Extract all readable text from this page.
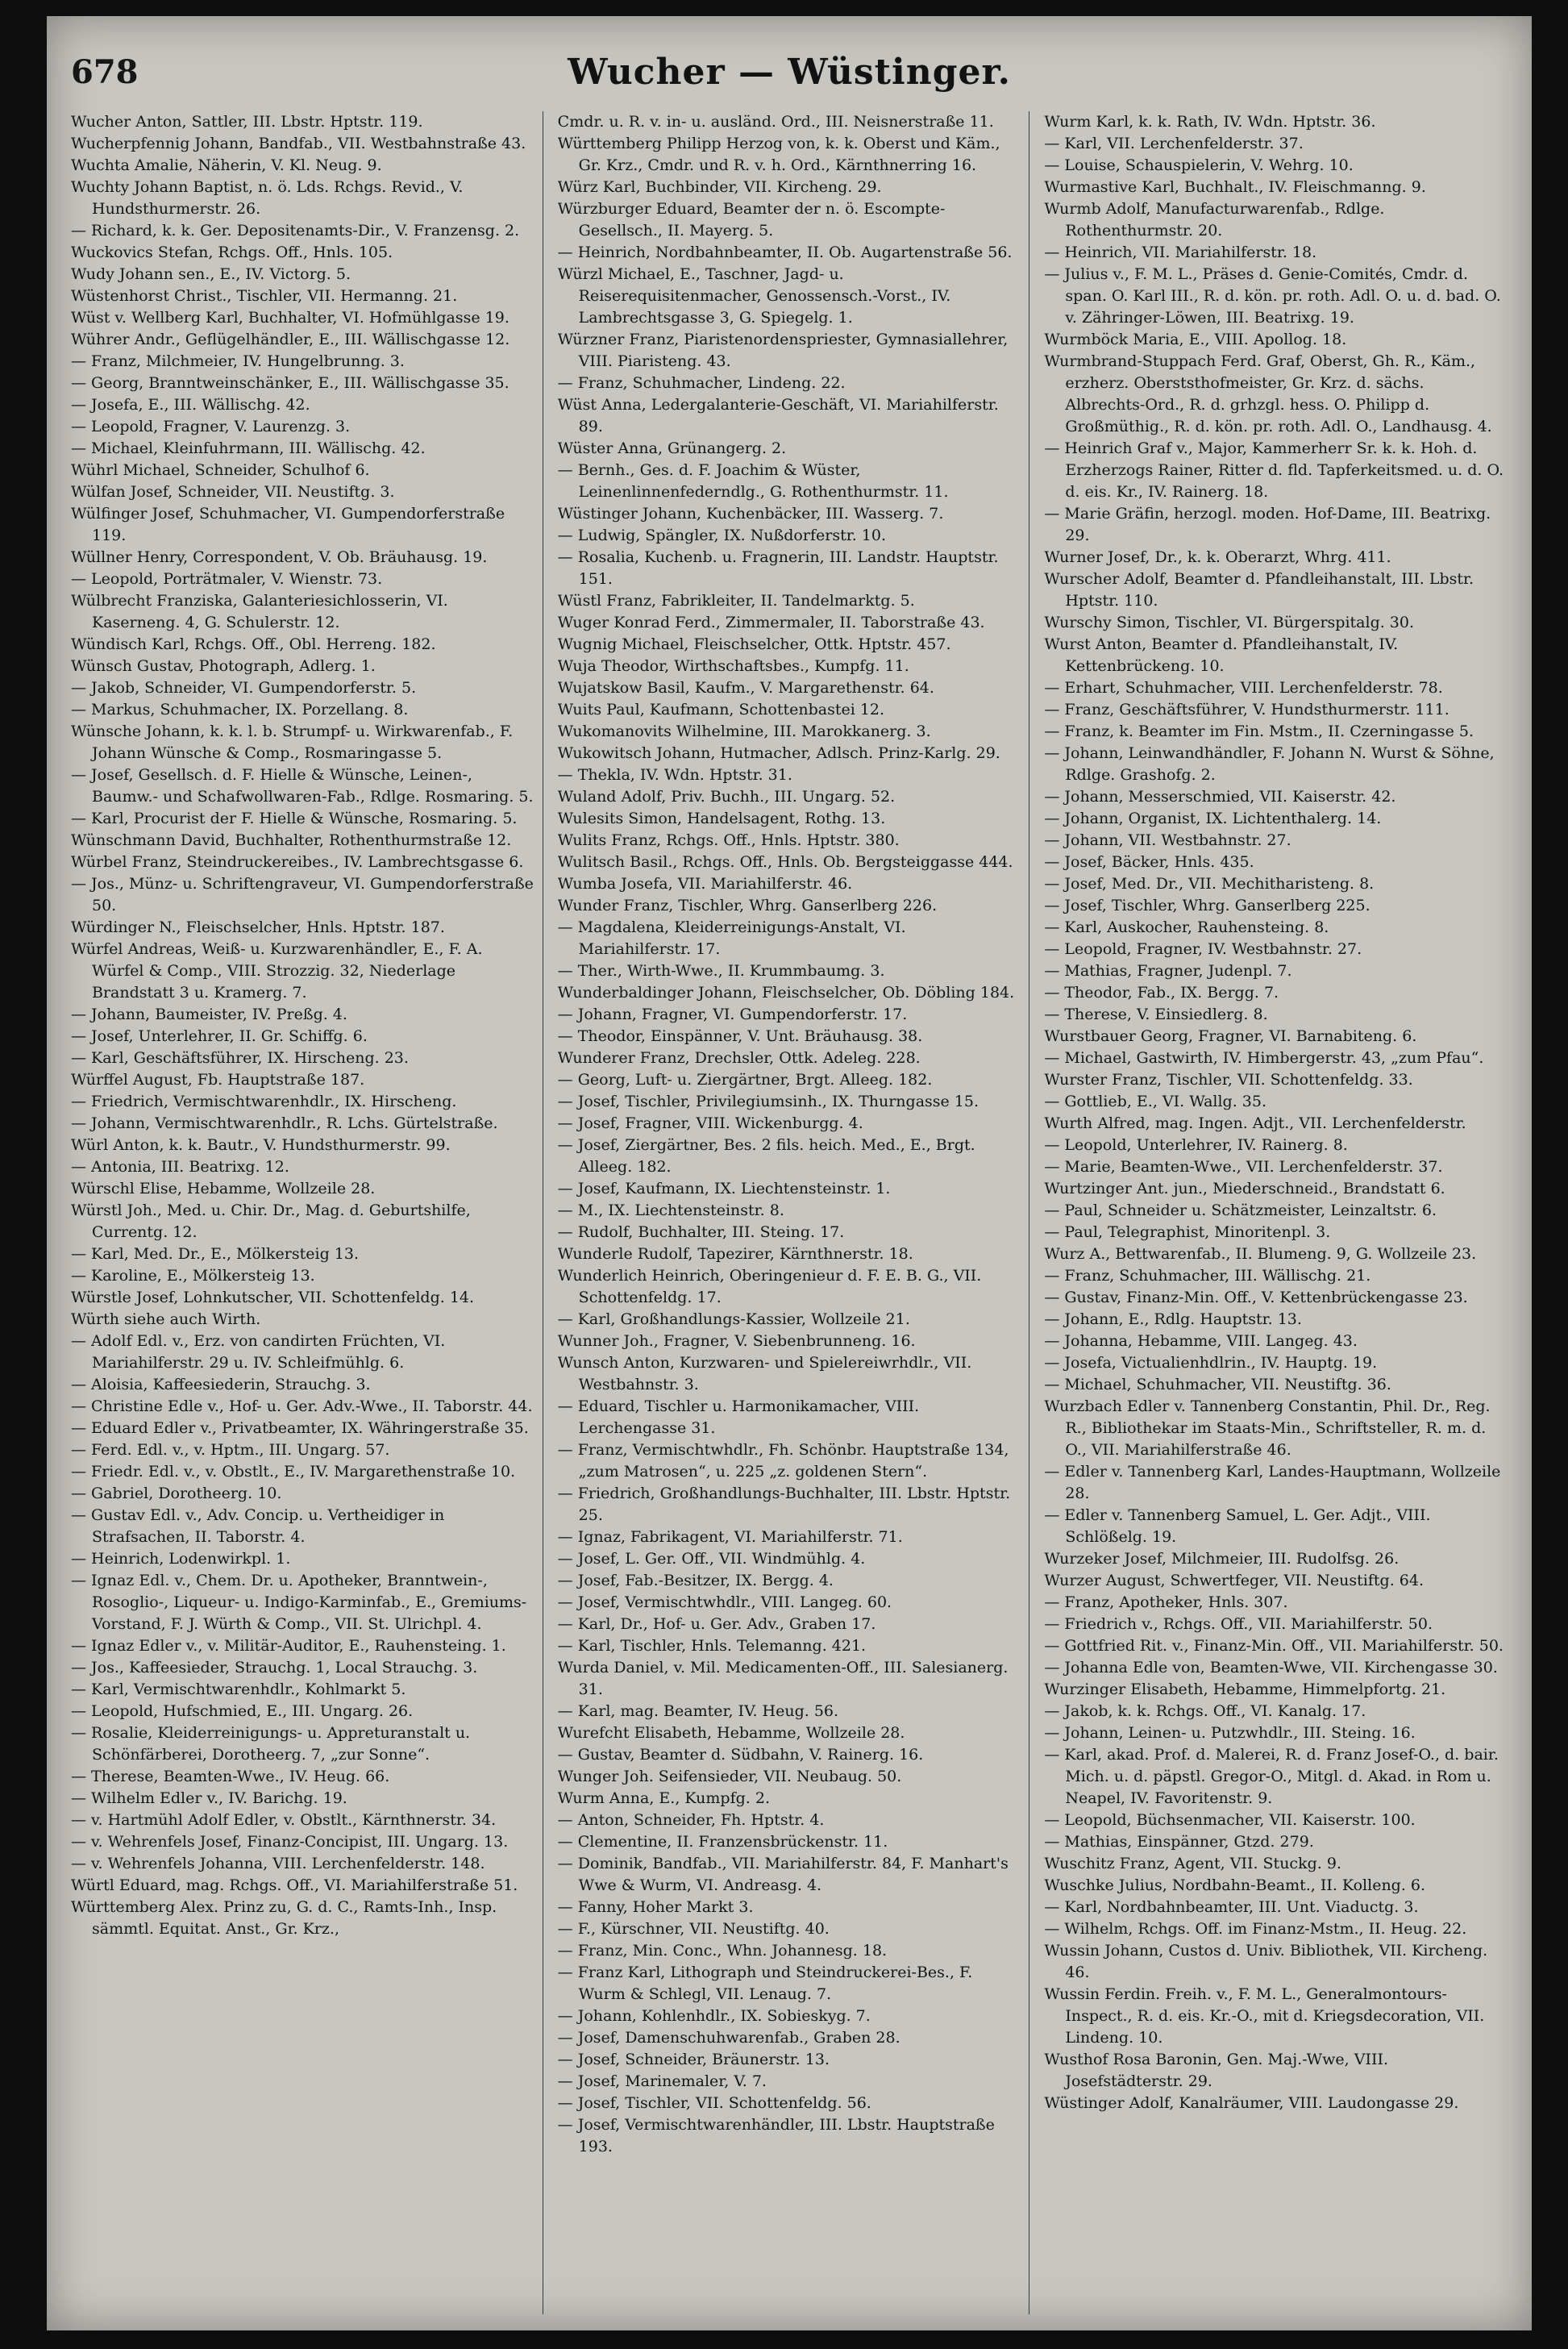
678	Wucher — Wüstinger.

Wucher Anton, Sattler, III. Lbstr. Hptstr. 119.

Wucherpfennig Johann, Bandfab., VII. Westbahnstraße 43.

Wuchta Amalie, Näherin, V. Kl. Neug. 9.

Wuchty Johann Baptist, n. ö. Lds. Rchgs. Revid., V. Hundsthurmerstr. 26.

— Richard, k. k. Ger. Depositenamts-Dir., V. Franzensg. 2.

Wuckovics Stefan, Rchgs. Off., Hnls. 105.

Wudy Johann sen., E., IV. Victorg. 5.

Wüstenhorst Christ., Tischler, VII. Hermanng. 21.

Wüst v. Wellberg Karl, Buchhalter, VI. Hofmühlgasse 19.

Wührer Andr., Geflügelhändler, E., III. Wällischgasse 12.

— Franz, Milchmeier, IV. Hungelbrunng. 3.

— Georg, Branntweinschänker, E., III. Wällischgasse 35.

— Josefa, E., III. Wällischg. 42.

— Leopold, Fragner, V. Laurenzg. 3.

— Michael, Kleinfuhrmann, III. Wällischg. 42.

Wührl Michael, Schneider, Schulhof 6.

Wülfan Josef, Schneider, VII. Neustiftg. 3.

Wülfinger Josef, Schuhmacher, VI. Gumpendorferstraße 119.

Wüllner Henry, Correspondent, V. Ob. Bräuhausg. 19.

— Leopold, Porträtmaler, V. Wienstr. 73.

Wülbrecht Franziska, Galanteriesichlosserin, VI. Kaserneng. 4, G. Schulerstr. 12.

Wündisch Karl, Rchgs. Off., Obl. Herreng. 182.

Wünsch Gustav, Photograph, Adlerg. 1.

— Jakob, Schneider, VI. Gumpendorferstr. 5.

— Markus, Schuhmacher, IX. Porzellang. 8.

Wünsche Johann, k. k. l. b. Strumpf- u. Wirkwarenfab., F. Johann Wünsche & Comp., Rosmaringasse 5.

— Josef, Gesellsch. d. F. Hielle & Wünsche, Leinen-, Baumw.- und Schafwollwaren-Fab., Rdlge. Rosmaring. 5.

— Karl, Procurist der F. Hielle & Wünsche, Rosmaring. 5.

Wünschmann David, Buchhalter, Rothenthurmstraße 12.

Würbel Franz, Steindruckereibes., IV. Lambrechtsgasse 6.

— Jos., Münz- u. Schriftengraveur, VI. Gumpendorferstraße 50.

Würdinger N., Fleischselcher, Hnls. Hptstr. 187.

Würfel Andreas, Weiß- u. Kurzwarenhändler, E., F. A. Würfel & Comp., VIII. Strozzig. 32, Niederlage Brandstatt 3 u. Kramerg. 7.

— Johann, Baumeister, IV. Preßg. 4.

— Josef, Unterlehrer, II. Gr. Schiffg. 6.

— Karl, Geschäftsführer, IX. Hirscheng. 23.

Würffel August, Fb. Hauptstraße 187.

— Friedrich, Vermischtwarenhdlr., IX. Hirscheng.

— Johann, Vermischtwarenhdlr., R. Lchs. Gürtelstraße.

Würl Anton, k. k. Bautr., V. Hundsthurmerstr. 99.

— Antonia, III. Beatrixg. 12.

Würschl Elise, Hebamme, Wollzeile 28.

Würstl Joh., Med. u. Chir. Dr., Mag. d. Geburtshilfe, Currentg. 12.

— Karl, Med. Dr., E., Mölkersteig 13.

— Karoline, E., Mölkersteig 13.

Würstle Josef, Lohnkutscher, VII. Schottenfeldg. 14.

Würth siehe auch Wirth.

— Adolf Edl. v., Erz. von candirten Früchten, VI. Mariahilferstr. 29 u. IV. Schleifmühlg. 6.

— Aloisia, Kaffeesiederin, Strauchg. 3.

— Christine Edle v., Hof- u. Ger. Adv.-Wwe., II. Taborstr. 44.

— Eduard Edler v., Privatbeamter, IX. Währingerstraße 35.

— Ferd. Edl. v., v. Hptm., III. Ungarg. 57.

— Friedr. Edl. v., v. Obstlt., E., IV. Margarethenstraße 10.

— Gabriel, Dorotheerg. 10.

— Gustav Edl. v., Adv. Concip. u. Vertheidiger in Strafsachen, II. Taborstr. 4.

— Heinrich, Lodenwirkpl. 1.

— Ignaz Edl. v., Chem. Dr. u. Apotheker, Branntwein-, Rosoglio-, Liqueur- u. Indigo-Karminfab., E., Gremiums-Vorstand, F. J. Würth & Comp., VII. St. Ulrichpl. 4.

— Ignaz Edler v., v. Militär-Auditor, E., Rauhensteing. 1.

— Jos., Kaffeesieder, Strauchg. 1, Local Strauchg. 3.

— Karl, Vermischtwarenhdlr., Kohlmarkt 5.

— Leopold, Hufschmied, E., III. Ungarg. 26.

— Rosalie, Kleiderreinigungs- u. Appreturanstalt u. Schönfärberei, Dorotheerg. 7, „zur Sonne“.

— Therese, Beamten-Wwe., IV. Heug. 66.

— Wilhelm Edler v., IV. Barichg. 19.

— v. Hartmühl Adolf Edler, v. Obstlt., Kärnthnerstr. 34.

— v. Wehrenfels Josef, Finanz-Concipist, III. Ungarg. 13.

— v. Wehrenfels Johanna, VIII. Lerchenfelderstr. 148.

Würtl Eduard, mag. Rchgs. Off., VI. Mariahilferstraße 51.

Württemberg Alex. Prinz zu, G. d. C., Ramts-Inh., Insp. sämmtl. Equitat. Anst., Gr. Krz.,

Cmdr. u. R. v. in- u. ausländ. Ord., III. Neisnerstraße 11.

Württemberg Philipp Herzog von, k. k. Oberst und Käm., Gr. Krz., Cmdr. und R. v. h. Ord., Kärnthnerring 16.

Würz Karl, Buchbinder, VII. Kircheng. 29.

Würzburger Eduard, Beamter der n. ö. Escompte-Gesellsch., II. Mayerg. 5.

— Heinrich, Nordbahnbeamter, II. Ob. Augartenstraße 56.

Würzl Michael, E., Taschner, Jagd- u. Reiserequisitenmacher, Genossensch.-Vorst., IV. Lambrechtsgasse 3, G. Spiegelg. 1.

Würzner Franz, Piaristenordenspriester, Gymnasiallehrer, VIII. Piaristeng. 43.

— Franz, Schuhmacher, Lindeng. 22.

Wüst Anna, Ledergalanterie-Geschäft, VI. Mariahilferstr. 89.

Wüster Anna, Grünangerg. 2.

— Bernh., Ges. d. F. Joachim & Wüster, Leinenlinnenfederndlg., G. Rothenthurmstr. 11.

Wüstinger Johann, Kuchenbäcker, III. Wasserg. 7.

— Ludwig, Spängler, IX. Nußdorferstr. 10.

— Rosalia, Kuchenb. u. Fragnerin, III. Landstr. Hauptstr. 151.

Wüstl Franz, Fabrikleiter, II. Tandelmarktg. 5.

Wuger Konrad Ferd., Zimmermaler, II. Taborstraße 43.

Wugnig Michael, Fleischselcher, Ottk. Hptstr. 457.

Wuja Theodor, Wirthschaftsbes., Kumpfg. 11.

Wujatskow Basil, Kaufm., V. Margarethenstr. 64.

Wuits Paul, Kaufmann, Schottenbastei 12.

Wukomanovits Wilhelmine, III. Marokkanerg. 3.

Wukowitsch Johann, Hutmacher, Adlsch. Prinz-Karlg. 29.

— Thekla, IV. Wdn. Hptstr. 31.

Wuland Adolf, Priv. Buchh., III. Ungarg. 52.

Wulesits Simon, Handelsagent, Rothg. 13.

Wulits Franz, Rchgs. Off., Hnls. Hptstr. 380.

Wulitsch Basil., Rchgs. Off., Hnls. Ob. Bergsteiggasse 444.

Wumba Josefa, VII. Mariahilferstr. 46.

Wunder Franz, Tischler, Whrg. Ganserlberg 226.

— Magdalena, Kleiderreinigungs-Anstalt, VI. Mariahilferstr. 17.

— Ther., Wirth-Wwe., II. Krummbaumg. 3.

Wunderbaldinger Johann, Fleischselcher, Ob. Döbling 184.

— Johann, Fragner, VI. Gumpendorferstr. 17.

— Theodor, Einspänner, V. Unt. Bräuhausg. 38.

Wunderer Franz, Drechsler, Ottk. Adeleg. 228.

— Georg, Luft- u. Ziergärtner, Brgt. Alleeg. 182.

— Josef, Tischler, Privilegiumsinh., IX. Thurngasse 15.

— Josef, Fragner, VIII. Wickenburgg. 4.

— Josef, Ziergärtner, Bes. 2 fils. heich. Med., E., Brgt. Alleeg. 182.

— Josef, Kaufmann, IX. Liechtensteinstr. 1.

— M., IX. Liechtensteinstr. 8.

— Rudolf, Buchhalter, III. Steing. 17.

Wunderle Rudolf, Tapezirer, Kärnthnerstr. 18.

Wunderlich Heinrich, Oberingenieur d. F. E. B. G., VII. Schottenfeldg. 17.

— Karl, Großhandlungs-Kassier, Wollzeile 21.

Wunner Joh., Fragner, V. Siebenbrunneng. 16.

Wunsch Anton, Kurzwaren- und Spielereiwrhdlr., VII. Westbahnstr. 3.

— Eduard, Tischler u. Harmonikamacher, VIII. Lerchengasse 31.

— Franz, Vermischtwhdlr., Fh. Schönbr. Hauptstraße 134, „zum Matrosen“, u. 225 „z. goldenen Stern“.

— Friedrich, Großhandlungs-Buchhalter, III. Lbstr. Hptstr. 25.

— Ignaz, Fabrikagent, VI. Mariahilferstr. 71.

— Josef, L. Ger. Off., VII. Windmühlg. 4.

— Josef, Fab.-Besitzer, IX. Bergg. 4.

— Josef, Vermischtwhdlr., VIII. Langeg. 60.

— Karl, Dr., Hof- u. Ger. Adv., Graben 17.

— Karl, Tischler, Hnls. Telemanng. 421.

Wurda Daniel, v. Mil. Medicamenten-Off., III. Salesianerg. 31.

— Karl, mag. Beamter, IV. Heug. 56.

Wurefcht Elisabeth, Hebamme, Wollzeile 28.

— Gustav, Beamter d. Südbahn, V. Rainerg. 16.

Wunger Joh. Seifensieder, VII. Neubaug. 50.

Wurm Anna, E., Kumpfg. 2.

— Anton, Schneider, Fh. Hptstr. 4.

— Clementine, II. Franzensbrückenstr. 11.

— Dominik, Bandfab., VII. Mariahilferstr. 84, F. Manhart's Wwe & Wurm, VI. Andreasg. 4.

— Fanny, Hoher Markt 3.

— F., Kürschner, VII. Neustiftg. 40.

— Franz, Min. Conc., Whn. Johannesg. 18.

— Franz Karl, Lithograph und Steindruckerei-Bes., F. Wurm & Schlegl, VII. Lenaug. 7.

— Johann, Kohlenhdlr., IX. Sobieskyg. 7.

— Josef, Damenschuhwarenfab., Graben 28.

— Josef, Schneider, Bräunerstr. 13.

— Josef, Marinemaler, V. 7.

— Josef, Tischler, VII. Schottenfeldg. 56.

— Josef, Vermischtwarenhändler, III. Lbstr. Hauptstraße 193.

Wurm Karl, k. k. Rath, IV. Wdn. Hptstr. 36.

— Karl, VII. Lerchenfelderstr. 37.

— Louise, Schauspielerin, V. Wehrg. 10.

Wurmastive Karl, Buchhalt., IV. Fleischmanng. 9.

Wurmb Adolf, Manufacturwarenfab., Rdlge. Rothenthurmstr. 20.

— Heinrich, VII. Mariahilferstr. 18.

— Julius v., F. M. L., Präses d. Genie-Comités, Cmdr. d. span. O. Karl III., R. d. kön. pr. roth. Adl. O. u. d. bad. O. v. Zähringer-Löwen, III. Beatrixg. 19.

Wurmböck Maria, E., VIII. Apollog. 18.

Wurmbrand-Stuppach Ferd. Graf, Oberst, Gh. R., Käm., erzherz. Oberststhofmeister, Gr. Krz. d. sächs. Albrechts-Ord., R. d. grhzgl. hess. O. Philipp d. Großmüthig., R. d. kön. pr. roth. Adl. O., Landhausg. 4.

— Heinrich Graf v., Major, Kammerherr Sr. k. k. Hoh. d. Erzherzogs Rainer, Ritter d. fld. Tapferkeitsmed. u. d. O. d. eis. Kr., IV. Rainerg. 18.

— Marie Gräfin, herzogl. moden. Hof-Dame, III. Beatrixg. 29.

Wurner Josef, Dr., k. k. Oberarzt, Whrg. 411.

Wurscher Adolf, Beamter d. Pfandleihanstalt, III. Lbstr. Hptstr. 110.

Wurschy Simon, Tischler, VI. Bürgerspitalg. 30.

Wurst Anton, Beamter d. Pfandleihanstalt, IV. Kettenbrückeng. 10.

— Erhart, Schuhmacher, VIII. Lerchenfelderstr. 78.

— Franz, Geschäftsführer, V. Hundsthurmerstr. 111.

— Franz, k. Beamter im Fin. Mstm., II. Czerningasse 5.

— Johann, Leinwandhändler, F. Johann N. Wurst & Söhne, Rdlge. Grashofg. 2.

— Johann, Messerschmied, VII. Kaiserstr. 42.

— Johann, Organist, IX. Lichtenthalerg. 14.

— Johann, VII. Westbahnstr. 27.

— Josef, Bäcker, Hnls. 435.

— Josef, Med. Dr., VII. Mechitharisteng. 8.

— Josef, Tischler, Whrg. Ganserlberg 225.

— Karl, Auskocher, Rauhensteing. 8.

— Leopold, Fragner, IV. Westbahnstr. 27.

— Mathias, Fragner, Judenpl. 7.

— Theodor, Fab., IX. Bergg. 7.

— Therese, V. Einsiedlerg. 8.

Wurstbauer Georg, Fragner, VI. Barnabiteng. 6.

— Michael, Gastwirth, IV. Himbergerstr. 43, „zum Pfau“.

Wurster Franz, Tischler, VII. Schottenfeldg. 33.

— Gottlieb, E., VI. Wallg. 35.

Wurth Alfred, mag. Ingen. Adjt., VII. Lerchenfelderstr.

— Leopold, Unterlehrer, IV. Rainerg. 8.

— Marie, Beamten-Wwe., VII. Lerchenfelderstr. 37.

Wurtzinger Ant. jun., Miederschneid., Brandstatt 6.

— Paul, Schneider u. Schätzmeister, Leinzaltstr. 6.

— Paul, Telegraphist, Minoritenpl. 3.

Wurz A., Bettwarenfab., II. Blumeng. 9, G. Wollzeile 23.

— Franz, Schuhmacher, III. Wällischg. 21.

— Gustav, Finanz-Min. Off., V. Kettenbrückengasse 23.

— Johann, E., Rdlg. Hauptstr. 13.

— Johanna, Hebamme, VIII. Langeg. 43.

— Josefa, Victualienhdlrin., IV. Hauptg. 19.

— Michael, Schuhmacher, VII. Neustiftg. 36.

Wurzbach Edler v. Tannenberg Constantin, Phil. Dr., Reg. R., Bibliothekar im Staats-Min., Schriftsteller, R. m. d. O., VII. Mariahilferstraße 46.

— Edler v. Tannenberg Karl, Landes-Hauptmann, Wollzeile 28.

— Edler v. Tannenberg Samuel, L. Ger. Adjt., VIII. Schlößelg. 19.

Wurzeker Josef, Milchmeier, III. Rudolfsg. 26.

Wurzer August, Schwertfeger, VII. Neustiftg. 64.

— Franz, Apotheker, Hnls. 307.

— Friedrich v., Rchgs. Off., VII. Mariahilferstr. 50.

— Gottfried Rit. v., Finanz-Min. Off., VII. Mariahilferstr. 50.

— Johanna Edle von, Beamten-Wwe, VII. Kirchengasse 30.

Wurzinger Elisabeth, Hebamme, Himmelpfortg. 21.

— Jakob, k. k. Rchgs. Off., VI. Kanalg. 17.

— Johann, Leinen- u. Putzwhdlr., III. Steing. 16.

— Karl, akad. Prof. d. Malerei, R. d. Franz Josef-O., d. bair. Mich. u. d. päpstl. Gregor-O., Mitgl. d. Akad. in Rom u. Neapel, IV. Favoritenstr. 9.

— Leopold, Büchsenmacher, VII. Kaiserstr. 100.

— Mathias, Einspänner, Gtzd. 279.

Wuschitz Franz, Agent, VII. Stuckg. 9.

Wuschke Julius, Nordbahn-Beamt., II. Kolleng. 6.

— Karl, Nordbahnbeamter, III. Unt. Viaductg. 3.

— Wilhelm, Rchgs. Off. im Finanz-Mstm., II. Heug. 22.

Wussin Johann, Custos d. Univ. Bibliothek, VII. Kircheng. 46.

Wussin Ferdin. Freih. v., F. M. L., Generalmontours-Inspect., R. d. eis. Kr.-O., mit d. Kriegsdecoration, VII. Lindeng. 10.

Wusthof Rosa Baronin, Gen. Maj.-Wwe, VIII. Josefstädterstr. 29.

Wüstinger Adolf, Kanalräumer, VIII. Laudongasse 29.
